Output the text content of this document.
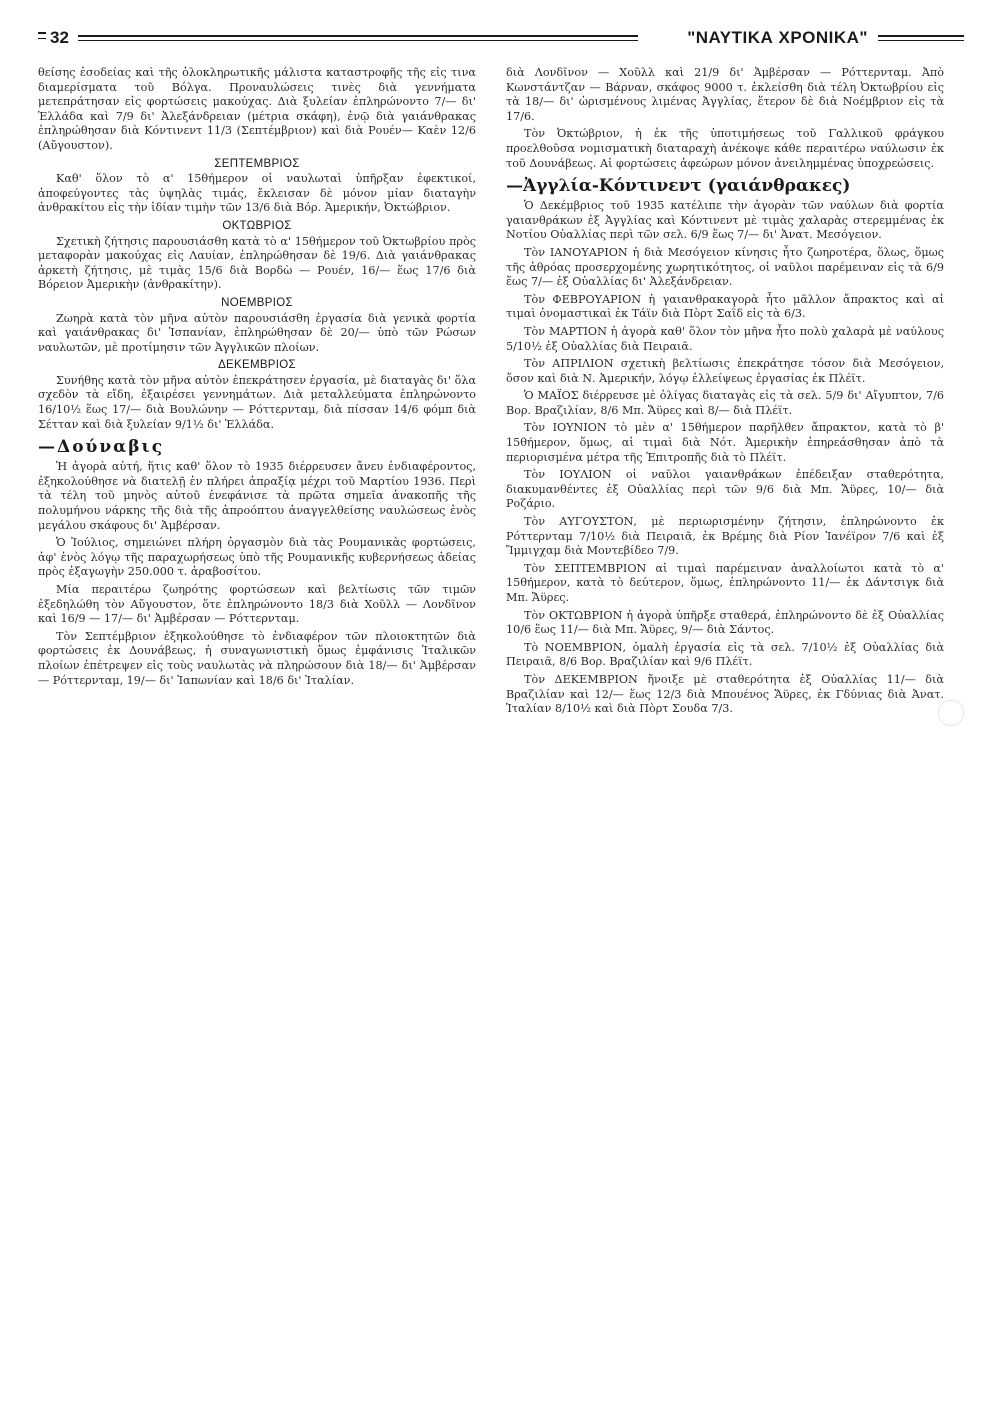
32	"ΝΑΥΤΙΚΑ ΧΡΟΝΙΚΑ"

θείσης ἐσοδείας καὶ τῆς ὁλοκληρωτικῆς μάλιστα καταστροφῆς τῆς εἰς τινα διαμερίσματα τοῦ Βόλγα. Προναυλώσεις τινὲς διὰ γεννήματα μετεπράτησαν εἰς φορτώσεις μακούχας. Διὰ ξυλείαν ἐπληρώνοντο 7/— δι' Ἑλλάδα καὶ 7/9 δι' Ἀλεξάνδρειαν (μέτρια σκάφη), ἐνῷ διὰ γαιάνθρακας ἐπληρώθησαν διὰ Κόντινεντ 11/3 (Σεπτέμβριον) καὶ διὰ Ρουέν— Καὲν 12/6 (Αὔγουστον).

ΣΕΠΤΕΜΒΡΙΟΣ

Καθ' ὅλον τὸ α' 15θήμερον οἱ ναυλωταὶ ὑπῆρξαν ἐφεκτικοί, ἀποφεύγοντες τὰς ὑψηλὰς τιμάς, ἔκλεισαν δὲ μόνον μίαν διαταγὴν ἀνθρακίτου εἰς τὴν ἰδίαν τιμὴν τῶν 13/6 διὰ Βόρ. Ἀμερικήν, Ὀκτώβριον.

ΟΚΤΩΒΡΙΟΣ

Σχετικὴ ζήτησις παρουσιάσθη κατὰ τὸ α' 15θήμερον τοῦ Ὀκτωβρίου πρὸς μεταφορὰν μακούχας εἰς Λαυίαν, ἐπληρώθησαν δὲ 19/6. Διὰ γαιάνθρακας ἀρκετὴ ζήτησις, μὲ τιμὰς 15/6 διὰ Βορδὼ — Ρουέν, 16/— ἕως 17/6 διὰ Βόρειον Ἀμερικὴν (ἀνθρακίτην).

ΝΟΕΜΒΡΙΟΣ

Ζωηρὰ κατὰ τὸν μῆνα αὐτὸν παρουσιάσθη ἐργασία διὰ γενικὰ φορτία καὶ γαιάνθρακας δι' Ἰσπανίαν, ἐπληρώθησαν δὲ 20/— ὑπὸ τῶν Ρώσων ναυλωτῶν, μὲ προτίμησιν τῶν Ἀγγλικῶν πλοίων.

ΔΕΚΕΜΒΡΙΟΣ

Συνήθης κατὰ τὸν μῆνα αὐτὸν ἐπεκράτησεν ἐργασία, μὲ διαταγὰς δι' ὅλα σχεδὸν τὰ εἴδη, ἐξαιρέσει γεννημάτων. Διὰ μεταλλεύματα ἐπληρώνοντο 16/10½ ἕως 17/— διὰ Βουλώνην — Ρόττερνταμ, διὰ πίσσαν 14/6 φόμπ διὰ Σέτταν καὶ διὰ ξυλείαν 9/1½ δι' Ἑλλάδα.

—Δούναβις

Ἡ ἀγορὰ αὐτή, ἥτις καθ' ὅλον τὸ 1935 διέρρευσεν ἄνευ ἐνδιαφέροντος, ἐξηκολούθησε νὰ διατελῇ ἐν πλήρει ἀπραξίᾳ μέχρι τοῦ Μαρτίου 1936. Περὶ τὰ τέλη τοῦ μηνὸς αὐτοῦ ἐνεφάνισε τὰ πρῶτα σημεῖα ἀνακοπῆς τῆς πολυμήνου νάρκης τῆς διὰ τῆς ἀπροόπτου ἀναγγελθείσης ναυλώσεως ἑνὸς μεγάλου σκάφους δι' Ἀμβέρσαν.

Ὁ Ἰούλιος, σημειώνει πλήρη ὀργασμὸν διὰ τὰς Ρουμανικὰς φορτώσεις, ἀφ' ἑνὸς λόγῳ τῆς παραχωρήσεως ὑπὸ τῆς Ρουμανικῆς κυβερνήσεως ἀδείας πρὸς ἐξαγωγὴν 250.000 τ. ἀραβοσίτου.

Μία περαιτέρω ζωηρότης φορτώσεων καὶ βελτίωσις τῶν τιμῶν ἐξεδηλώθη τὸν Αὔγουστον, ὅτε ἐπληρώνοντο 18/3 διὰ Χοῦλλ — Λονδῖνον καὶ 16/9 — 17/— δι' Ἀμβέρσαν — Ρόττερνταμ.

Τὸν Σεπτέμβριον ἐξηκολούθησε τὸ ἐνδιαφέρον τῶν πλοιοκτητῶν διὰ φορτώσεις ἐκ Δουνάβεως, ἡ συναγωνιστικὴ ὅμως ἐμφάνισις Ἰταλικῶν πλοίων ἐπέτρεψεν εἰς τοὺς ναυλωτὰς νὰ πληρώσουν διὰ 18/— δι' Ἀμβέρσαν — Ρόττερνταμ, 19/— δι' Ἰαπωνίαν καὶ 18/6 δι' Ἰταλίαν.

διὰ Λονδῖνον — Χοῦλλ καὶ 21/9 δι' Ἀμβέρσαν — Ρόττερνταμ. Ἀπὸ Κωνστάντζαν — Βάρναν, σκάφος 9000 τ. ἐκλείσθη διὰ τέλη Ὀκτωβρίου εἰς τὰ 18/— δι' ὡρισμένους λιμένας Ἀγγλίας, ἕτερον δὲ διὰ Νοέμβριον εἰς τὰ 17/6.

Τὸν Ὀκτώβριον, ἡ ἐκ τῆς ὑποτιμήσεως τοῦ Γαλλικοῦ φράγκου προελθοῦσα νομισματικὴ διαταραχὴ ἀνέκοψε κάθε περαιτέρω ναύλωσιν ἐκ τοῦ Δουνάβεως. Αἱ φορτώσεις ἀφεώρων μόνον ἀνειλημμένας ὑποχρεώσεις.

—Ἀγγλία-Κόντινεντ (γαιάνθρακες)

Ὁ Δεκέμβριος τοῦ 1935 κατέλιπε τὴν ἀγορὰν τῶν ναύλων διὰ φορτία γαιανθράκων ἐξ Ἀγγλίας καὶ Κόντινεντ μὲ τιμὰς χαλαρὰς στερεμμένας ἐκ Νοτίου Οὐαλλίας περὶ τῶν σελ. 6/9 ἕως 7/— δι' Ἀνατ. Μεσόγειον.

Τὸν ΙΑΝΟΥΑΡΙΟΝ ἡ διὰ Μεσόγειον κίνησις ἦτο ζωηροτέρα, ὅλως, ὅμως τῆς ἀθρόας προσερχομένης χωρητικότητος, οἱ ναῦλοι παρέμειναν εἰς τὰ 6/9 ἕως 7/— ἐξ Οὐαλλίας δι' Ἀλεξάνδρειαν.

Τὸν ΦΕΒΡΟΥΑΡΙΟΝ ἡ γαιανθρακαγορὰ ἦτο μᾶλλον ἄπρακτος καὶ αἱ τιμαὶ ὀνομαστικαὶ ἐκ Τάϊν διὰ Πὸρτ Σαΐδ εἰς τὰ 6/3.

Τὸν ΜΑΡΤΙΟΝ ἡ ἀγορὰ καθ' ὅλον τὸν μῆνα ἦτο πολὺ χαλαρὰ μὲ ναύλους 5/10½ ἐξ Οὐαλλίας διὰ Πειραιᾶ.

Τὸν ΑΠΡΙΛΙΟΝ σχετικὴ βελτίωσις ἐπεκράτησε τόσον διὰ Μεσόγειον, ὅσον καὶ διὰ Ν. Ἀμερικήν, λόγῳ ἐλλείψεως ἐργασίας ἐκ Πλέϊτ.

Ὁ ΜΑΪΟΣ διέρρευσε μὲ ὀλίγας διαταγὰς εἰς τὰ σελ. 5/9 δι' Αἴγυπτον, 7/6 Βορ. Βραζιλίαν, 8/6 Μπ. Ἄϋρες καὶ 8/— διὰ Πλέϊτ.

Τὸν ΙΟΥΝΙΟΝ τὸ μὲν α' 15θήμερον παρῆλθεν ἄπρακτον, κατὰ τὸ β' 15θήμερον, ὅμως, αἱ τιμαὶ διὰ Νότ. Ἀμερικὴν ἐπηρεάσθησαν ἀπὸ τὰ περιορισμένα μέτρα τῆς Ἐπιτροπῆς διὰ τὸ Πλέϊτ.

Τὸν ΙΟΥΛΙΟΝ οἱ ναῦλοι γαιανθράκων ἐπέδειξαν σταθερότητα, διακυμανθέντες ἐξ Οὐαλλίας περὶ τῶν 9/6 διὰ Μπ. Ἄϋρες, 10/— διὰ Ροζάριο.

Τὸν ΑΥΓΟΥΣΤΟΝ, μὲ περιωρισμένην ζήτησιν, ἐπληρώνοντο ἐκ Ρόττερνταμ 7/10½ διὰ Πειραιᾶ, ἐκ Βρέμης διὰ Ρίον Ἰανέϊρον 7/6 καὶ ἐξ Ἴμμιγχαμ διὰ Μοντεβίδεο 7/9.

Τὸν ΣΕΠΤΕΜΒΡΙΟΝ αἱ τιμαὶ παρέμειναν ἀναλλοίωτοι κατὰ τὸ α' 15θήμερον, κατὰ τὸ δεύτερον, ὅμως, ἐπληρώνοντο 11/— ἐκ Δάντσιγκ διὰ Μπ. Ἄϋρες.

Τὸν ΟΚΤΩΒΡΙΟΝ ἡ ἀγορὰ ὑπῆρξε σταθερά, ἐπληρώνοντο δὲ ἐξ Οὐαλλίας 10/6 ἕως 11/— διὰ Μπ. Ἄϋρες, 9/— διὰ Σάντος.

Τὸ ΝΟΕΜΒΡΙΟΝ, ὁμαλὴ ἐργασία εἰς τὰ σελ. 7/10½ ἐξ Οὐαλλίας διὰ Πειραιᾶ, 8/6 Βορ. Βραζιλίαν καὶ 9/6 Πλέϊτ.

Τὸν ΔΕΚΕΜΒΡΙΟΝ ἤνοιξε μὲ σταθερότητα ἐξ Οὐαλλίας 11/— διὰ Βραζιλίαν καὶ 12/— ἕως 12/3 διὰ Μπουένος Ἄϋρες, ἐκ Γδύνιας διὰ Ἀνατ. Ἰταλίαν 8/10½ καὶ διὰ Πὸρτ Σουδα 7/3.
